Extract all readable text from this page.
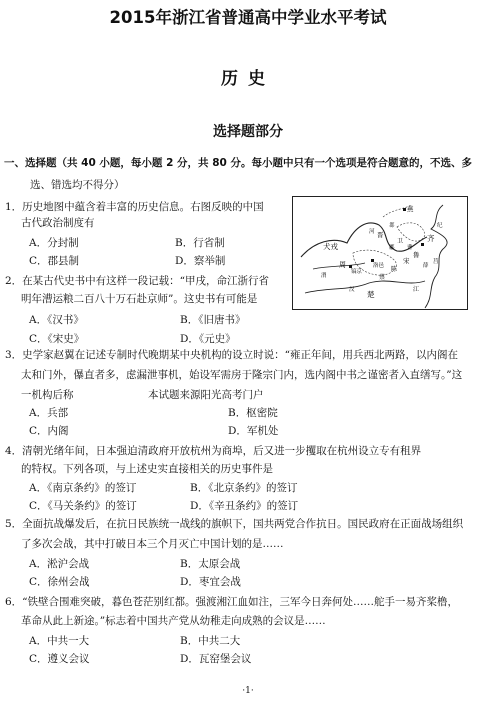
2015年浙江省普通高中学业水平考试
历史
选择题部分
一、选择题（共 40 小题，每小题 2 分，共 80 分。每小题中只有一个选项是符合题意的，不选、多
选、错选均不得分）
1．历史地图中蕴含着丰富的历史信息。右图反映的中国
古代政治制度有
A．分封制	B．行省制
C．郡县制	D．察举制
2．在某古代史书中有这样一段记载：“甲戌，命江浙行省
明年漕运粮二百八十万石赴京师”。这史书有可能是
A．《汉书》	B．《旧唐书》
C．《宋史》	D．《元史》
燕
犬戎
晋
卫	齐
鲁
周
镐京
洛邑
宋
陈
蔡
楚
曹
鄘
邶	纪
莒
薛
河
江
汉
渭
3．史学家赵翼在记述专制时代晚期某中央机构的设立时说：“雍正年间，用兵西北两路，以内阁在
太和门外，儤直者多，虑漏泄事机，始设军需房于隆宗门内，选内阁中书之谨密者入直缮写。”这
一机构后称	本试题来源阳光高考门户
A．兵部	B．枢密院
C．内阁	D．军机处
4．清朝光绪年间，日本强迫清政府开放杭州为商埠，后又进一步攫取在杭州设立专有租界
的特权。下列各项，与上述史实直接相关的历史事件是
A．《南京条约》的签订	B．《北京条约》的签订
C．《马关条约》的签订	D．《辛丑条约》的签订
5．全面抗战爆发后，在抗日民族统一战线的旗帜下，国共两党合作抗日。国民政府在正面战场组织
了多次会战，其中打破日本三个月灭亡中国计划的是……
A．淞沪会战	B．太原会战
C．徐州会战	D．枣宜会战
6．“铁壁合围难突破，暮色苍茫别红都。强渡湘江血如注，三军今日奔何处……舵手一易齐桨橹，
革命从此上新途。”标志着中国共产党从幼稚走向成熟的会议是……
A．中共一大	B．中共二大
C．遵义会议	D．瓦窑堡会议
·1·
